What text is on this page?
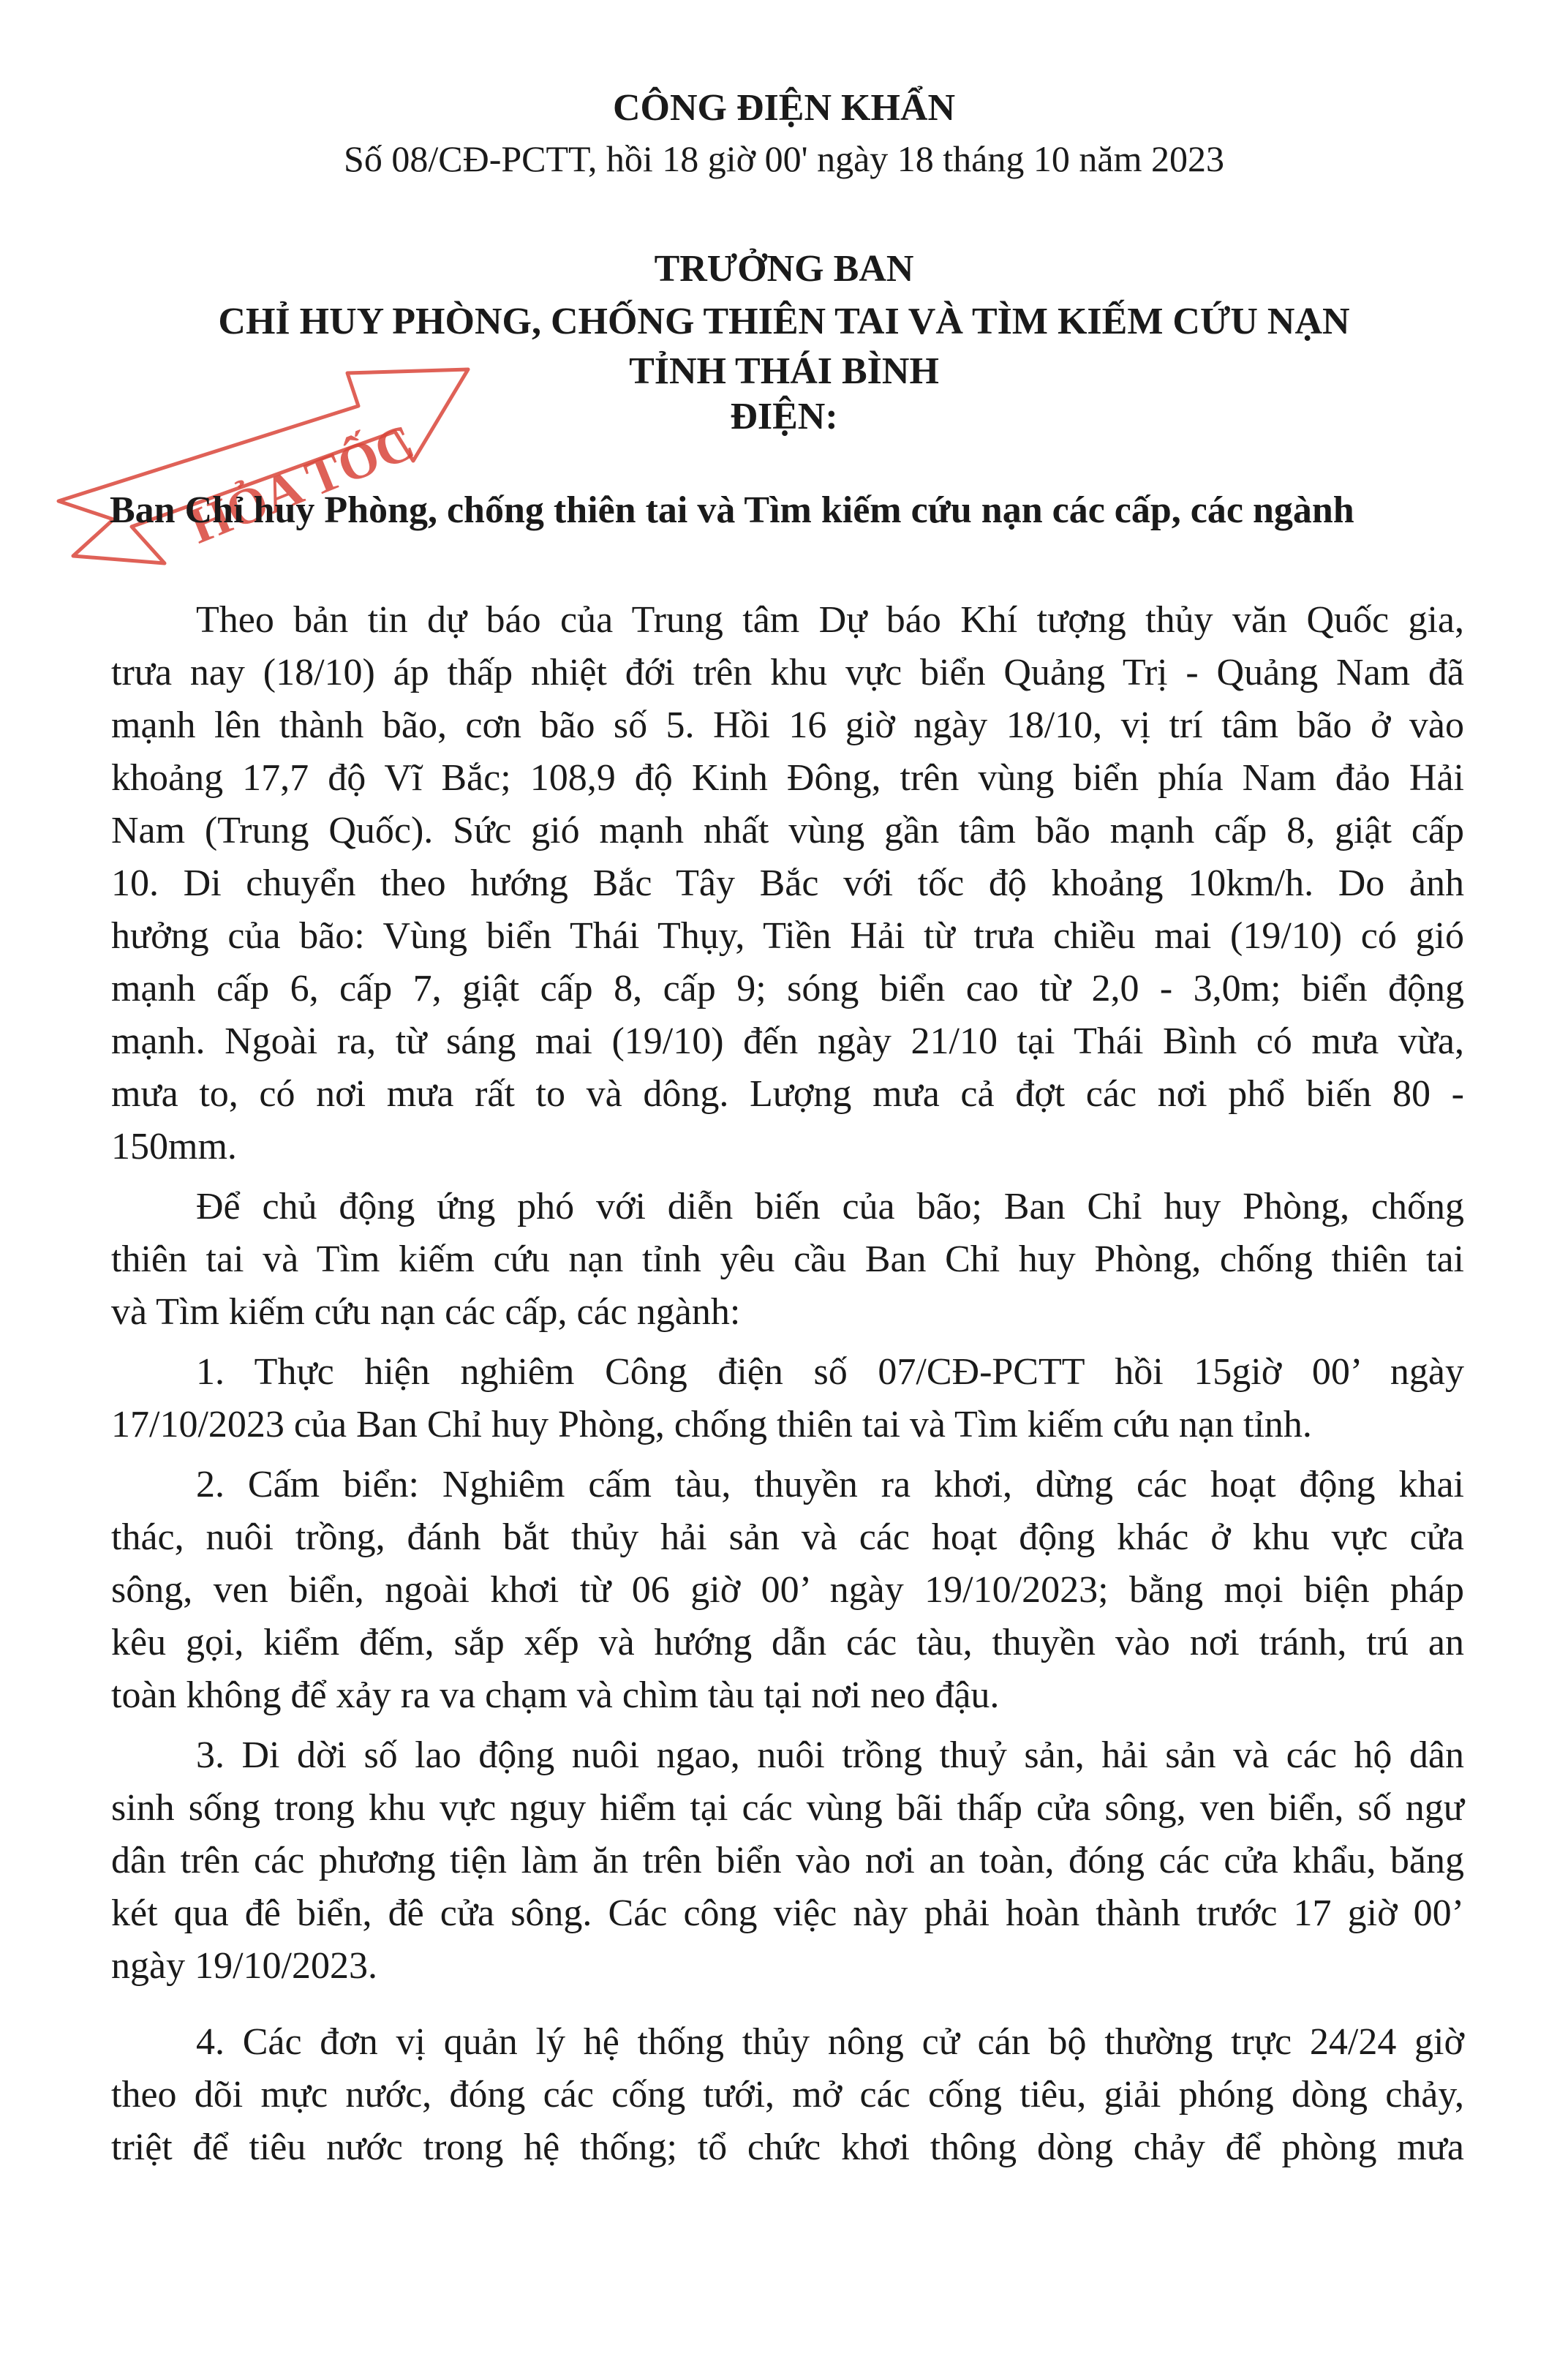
CÔNG ĐIỆN KHẨN
Số 08/CĐ-PCTT, hồi 18 giờ 00' ngày 18 tháng 10 năm 2023
TRƯỞNG BAN
CHỈ HUY PHÒNG, CHỐNG THIÊN TAI VÀ TÌM KIẾM CỨU NẠN
TỈNH THÁI BÌNH
ĐIỆN:
HỎA TỐC
Ban Chỉ huy Phòng, chống thiên tai và Tìm kiếm cứu nạn các cấp, các ngành
Theo bản tin dự báo của Trung tâm Dự báo Khí tượng thủy văn Quốc gia,
trưa nay (18/10) áp thấp nhiệt đới trên khu vực biển Quảng Trị - Quảng Nam đã
mạnh lên thành bão, cơn bão số 5. Hồi 16 giờ ngày 18/10, vị trí tâm bão ở vào
khoảng 17,7 độ Vĩ Bắc; 108,9 độ Kinh Đông, trên vùng biển phía Nam đảo Hải
Nam (Trung Quốc). Sức gió mạnh nhất vùng gần tâm bão mạnh cấp 8, giật cấp
10. Di chuyển theo hướng Bắc Tây Bắc với tốc độ khoảng 10km/h. Do ảnh
hưởng của bão: Vùng biển Thái Thụy, Tiền Hải từ trưa chiều mai (19/10) có gió
mạnh cấp 6, cấp 7, giật cấp 8, cấp 9; sóng biển cao từ 2,0 - 3,0m; biển động
mạnh. Ngoài ra, từ sáng mai (19/10) đến ngày 21/10 tại Thái Bình có mưa vừa,
mưa to, có nơi mưa rất to và dông. Lượng mưa cả đợt các nơi phổ biến 80 -
150mm.
Để chủ động ứng phó với diễn biến của bão; Ban Chỉ huy Phòng, chống
thiên tai và Tìm kiếm cứu nạn tỉnh yêu cầu Ban Chỉ huy Phòng, chống thiên tai
và Tìm kiếm cứu nạn các cấp, các ngành:
1. Thực hiện nghiêm Công điện số 07/CĐ-PCTT hồi 15giờ 00’ ngày
17/10/2023 của Ban Chỉ huy Phòng, chống thiên tai và Tìm kiếm cứu nạn tỉnh.
2. Cấm biển: Nghiêm cấm tàu, thuyền ra khơi, dừng các hoạt động khai
thác, nuôi trồng, đánh bắt thủy hải sản và các hoạt động khác ở khu vực cửa
sông, ven biển, ngoài khơi từ 06 giờ 00’ ngày 19/10/2023; bằng mọi biện pháp
kêu gọi, kiểm đếm, sắp xếp và hướng dẫn các tàu, thuyền vào nơi tránh, trú an
toàn không để xảy ra va chạm và chìm tàu tại nơi neo đậu.
3. Di dời số lao động nuôi ngao, nuôi trồng thuỷ sản, hải sản và các hộ dân
sinh sống trong khu vực nguy hiểm tại các vùng bãi thấp cửa sông, ven biển, số ngư
dân trên các phương tiện làm ăn trên biển vào nơi an toàn, đóng các cửa khẩu, băng
két qua đê biển, đê cửa sông. Các công việc này phải hoàn thành trước 17 giờ 00’
ngày 19/10/2023.
4. Các đơn vị quản lý hệ thống thủy nông cử cán bộ thường trực 24/24 giờ
theo dõi mực nước, đóng các cống tưới, mở các cống tiêu, giải phóng dòng chảy,
triệt để tiêu nước trong hệ thống; tổ chức khơi thông dòng chảy để phòng mưa
